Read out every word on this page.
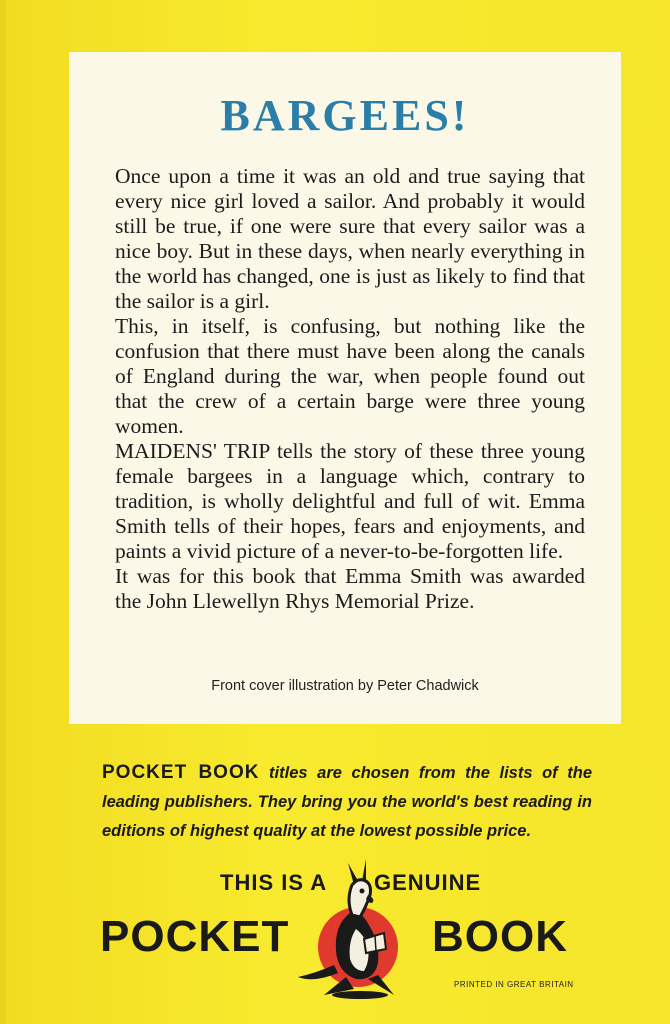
BARGEES!

Once upon a time it was an old and true saying that every nice girl loved a sailor. And probably it would still be true, if one were sure that every sailor was a nice boy. But in these days, when nearly everything in the world has changed, one is just as likely to find that the sailor is a girl.

This, in itself, is confusing, but nothing like the confusion that there must have been along the canals of England during the war, when people found out that the crew of a certain barge were three young women.

MAIDENS' TRIP tells the story of these three young female bargees in a language which, contrary to tradition, is wholly delightful and full of wit. Emma Smith tells of their hopes, fears and enjoyments, and paints a vivid picture of a never-to-be-forgotten life.

It was for this book that Emma Smith was awarded the John Llewellyn Rhys Memorial Prize.

Front cover illustration by Peter Chadwick
POCKET BOOK titles are chosen from the lists of the leading publishers. They bring you the world's best reading in editions of highest quality at the lowest possible price.
THIS IS A GENUINE
POCKET	BOOK
PRINTED IN GREAT BRITAIN
